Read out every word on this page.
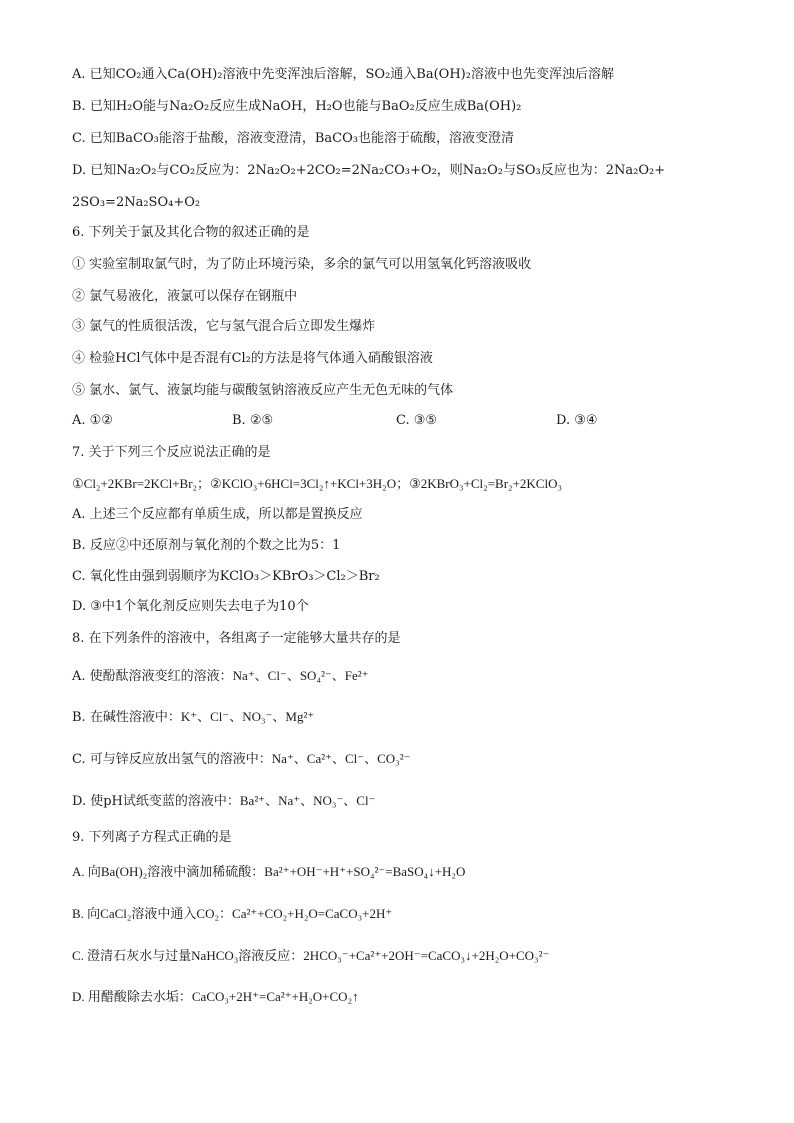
A. 已知CO₂通入Ca(OH)₂溶液中先变浑浊后溶解，SO₂通入Ba(OH)₂溶液中也先变浑浊后溶解
B. 已知H₂O能与Na₂O₂反应生成NaOH，H₂O也能与BaO₂反应生成Ba(OH)₂
C. 已知BaCO₃能溶于盐酸，溶液变澄清，BaCO₃也能溶于硫酸，溶液变澄清
D. 已知Na₂O₂与CO₂反应为：2Na₂O₂+2CO₂=2Na₂CO₃+O₂，则Na₂O₂与SO₃反应也为：2Na₂O₂+
2SO₃=2Na₂SO₄+O₂
6. 下列关于氯及其化合物的叙述正确的是
① 实验室制取氯气时，为了防止环境污染，多余的氯气可以用氢氧化钙溶液吸收
② 氯气易液化，液氯可以保存在钢瓶中
③ 氯气的性质很活泼，它与氢气混合后立即发生爆炸
④ 检验HCl气体中是否混有Cl₂的方法是将气体通入硝酸银溶液
⑤ 氯水、氯气、液氯均能与碳酸氢钠溶液反应产生无色无味的气体
A. ①②	B. ②⑤	C. ③⑤	D. ③④
7. 关于下列三个反应说法正确的是
①Cl₂+2KBr=2KCl+Br₂；②KClO₃+6HCl=3Cl₂↑+KCl+3H₂O；③2KBrO₃+Cl₂=Br₂+2KClO₃
A. 上述三个反应都有单质生成，所以都是置换反应
B. 反应②中还原剂与氧化剂的个数之比为5：1
C. 氧化性由强到弱顺序为KClO₃＞KBrO₃＞Cl₂＞Br₂
D. ③中1个氧化剂反应则失去电子为10个
8. 在下列条件的溶液中，各组离子一定能够大量共存的是
A. 使酚酞溶液变红的溶液：Na⁺、Cl⁻、SO₄²⁻、Fe²⁺
B. 在碱性溶液中：K⁺、Cl⁻、NO₃⁻、Mg²⁺
C. 可与锌反应放出氢气的溶液中：Na⁺、Ca²⁺、Cl⁻、CO₃²⁻
D. 使pH试纸变蓝的溶液中：Ba²⁺、Na⁺、NO₃⁻、Cl⁻
9. 下列离子方程式正确的是
A. 向Ba(OH)₂溶液中滴加稀硫酸：Ba²⁺+OH⁻+H⁺+SO₄²⁻=BaSO₄↓+H₂O
B. 向CaCl₂溶液中通入CO₂：Ca²⁺+CO₂+H₂O=CaCO₃+2H⁺
C. 澄清石灰水与过量NaHCO₃溶液反应：2HCO₃⁻+Ca²⁺+2OH⁻=CaCO₃↓+2H₂O+CO₃²⁻
D. 用醋酸除去水垢：CaCO₃+2H⁺=Ca²⁺+H₂O+CO₂↑
